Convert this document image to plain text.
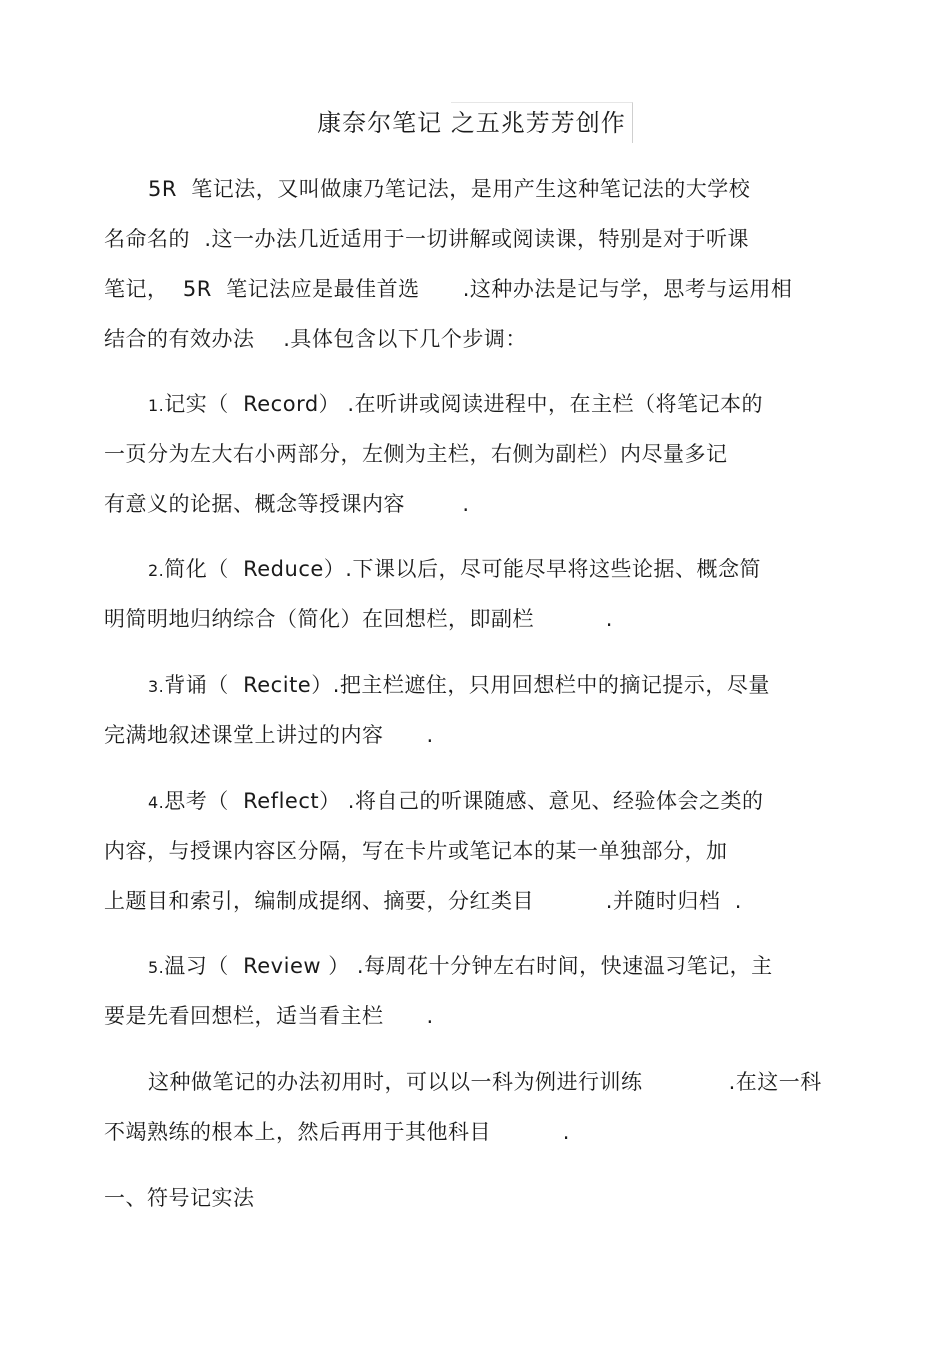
康奈尔笔记 之五兆芳芳创作
5R  笔记法，又叫做康乃笔记法，是用产生这种笔记法的大学校
名命名的  .这一办法几近适用于一切讲解或阅读课，特别是对于听课
笔记，  5R  笔记法应是最佳首选      .这种办法是记与学，思考与运用相
结合的有效办法    .具体包含以下几个步调：
1.记实（  Record） .在听讲或阅读进程中，在主栏（将笔记本的
一页分为左大右小两部分，左侧为主栏，右侧为副栏）内尽量多记
有意义的论据、概念等授课内容        .
2.简化（  Reduce）.下课以后，尽可能尽早将这些论据、概念简
明简明地归纳综合（简化）在回想栏，即副栏          .
3.背诵（  Recite）.把主栏遮住，只用回想栏中的摘记提示，尽量
完满地叙述课堂上讲过的内容      .
4.思考（  Reflect） .将自己的听课随感、意见、经验体会之类的
内容，与授课内容区分隔，写在卡片或笔记本的某一单独部分，加
上题目和索引，编制成提纲、摘要，分红类目          .并随时归档  .
5.温习（  Review ） .每周花十分钟左右时间，快速温习笔记，主
要是先看回想栏，适当看主栏      .
这种做笔记的办法初用时，可以以一科为例进行训练            .在这一科
不竭熟练的根本上，然后再用于其他科目          .
一、符号记实法
